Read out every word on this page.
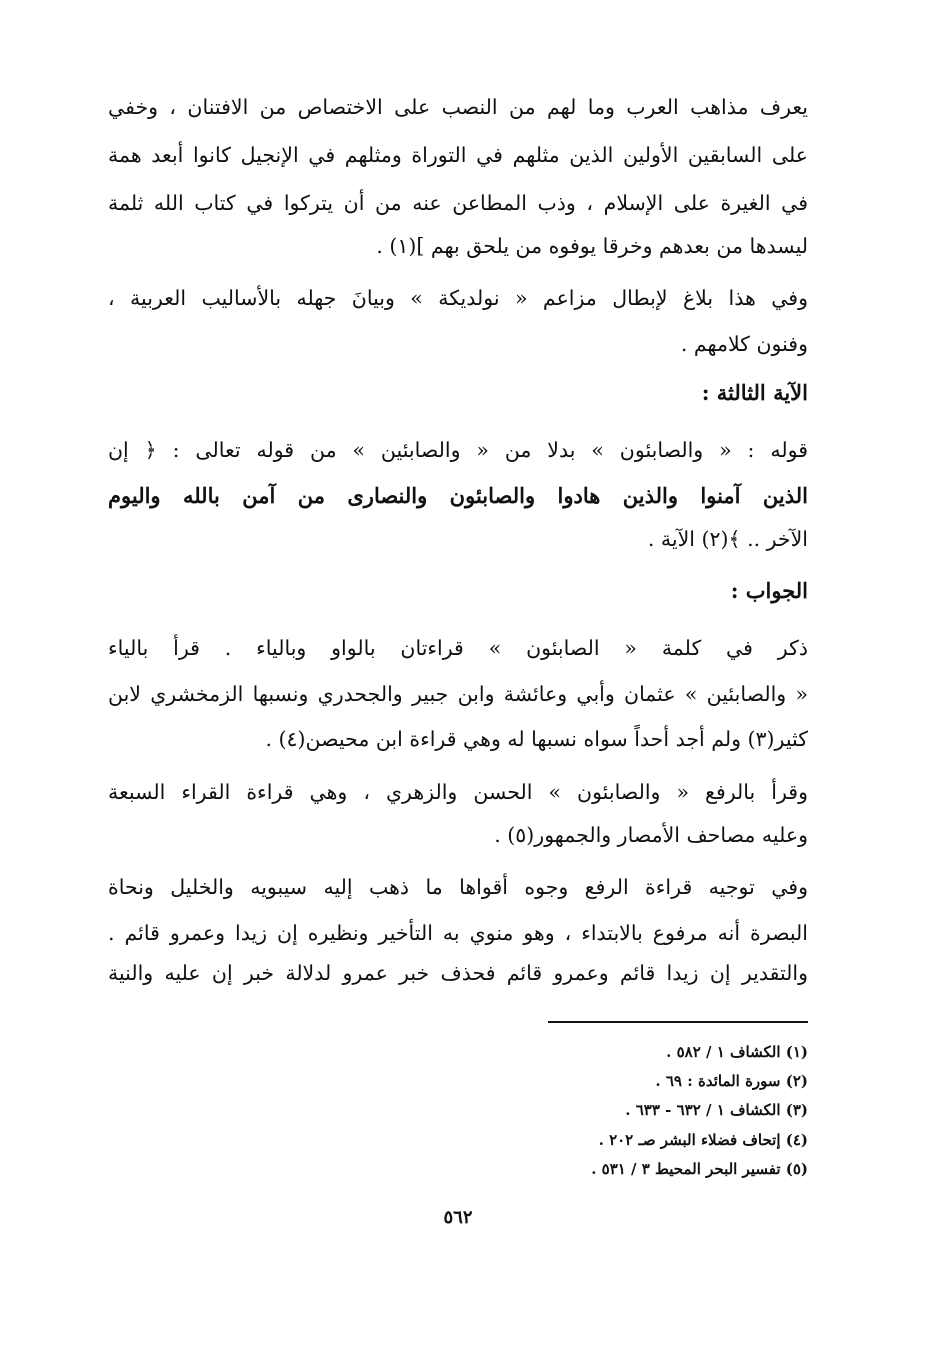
يعرف مذاهب العرب وما لهم من النصب على الاختصاص من الافتنان ، وخفي
على السابقين الأولين الذين مثلهم في التوراة ومثلهم في الإنجيل كانوا أبعد همة
في الغيرة على الإسلام ، وذب المطاعن عنه من أن يتركوا في كتاب الله ثلمة
ليسدها من بعدهم وخرقا يوفوه من يلحق بهم ](١) .
وفي هذا بلاغ لإبطال مزاعم « نولديكة » وبيانَ جهله بالأساليب العربية ،
وفنون كلامهم .
الآية الثالثة :
قوله : « والصابئون » بدلا من « والصابئين » من قوله تعالى : ﴿ إن
الذين آمنوا والذين هادوا والصابئون والنصارى من آمن بالله واليوم
الآخر .. ﴾(٢) الآية .
الجواب :
ذكر في كلمة « الصابئون » قراءتان بالواو وبالياء . قرأ بالياء
« والصابئين » عثمان وأبي وعائشة وابن جبير والجحدري ونسبها الزمخشري لابن
كثير(٣) ولم أجد أحداً سواه نسبها له وهي قراءة ابن محيصن(٤) .
وقرأ بالرفع « والصابئون » الحسن والزهري ، وهي قراءة القراء السبعة
وعليه مصاحف الأمصار والجمهور(٥) .
وفي توجيه قراءة الرفع وجوه أقواها ما ذهب إليه سيبويه والخليل ونحاة
البصرة أنه مرفوع بالابتداء ، وهو منوي به التأخير ونظيره إن زيدا وعمرو قائم .
والتقدير إن زيدا قائم وعمرو قائم فحذف خبر عمرو لدلالة خبر إن عليه والنية
(١) الكشاف ١ / ٥٨٢ .
(٢) سورة المائدة : ٦٩ .
(٣) الكشاف ١ / ٦٣٢ - ٦٣٣ .
(٤) إتحاف فضلاء البشر صـ ٢٠٢ .
(٥) تفسير البحر المحيط ٣ / ٥٣١ .
٥٦٢
